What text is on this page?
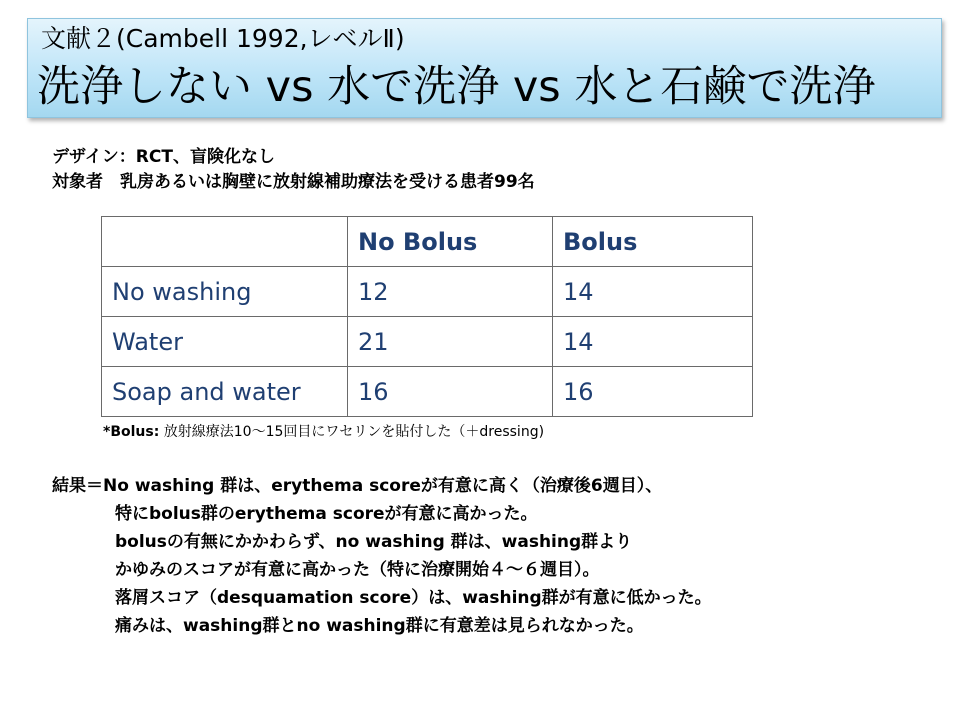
文献２(Cambell 1992,レベルⅡ)
洗浄しない vs 水で洗浄 vs 水と石鹸で洗浄
デザイン：RCT、盲険化なし
対象者　乳房あるいは胸壁に放射線補助療法を受ける患者99名
	No Bolus	Bolus
No washing	12	14
Water	21	14
Soap and water	16	16
*Bolus: 放射線療法10～15回目にワセリンを貼付した（＋dressing)
結果＝No washing 群は、erythema scoreが有意に高く（治療後6週目）、
特にbolus群のerythema scoreが有意に高かった。
bolusの有無にかかわらず、no washing 群は、washing群より
かゆみのスコアが有意に高かった（特に治療開始４～６週目）。
落屑スコア（desquamation score）は、washing群が有意に低かった。
痛みは、washing群とno washing群に有意差は見られなかった。
